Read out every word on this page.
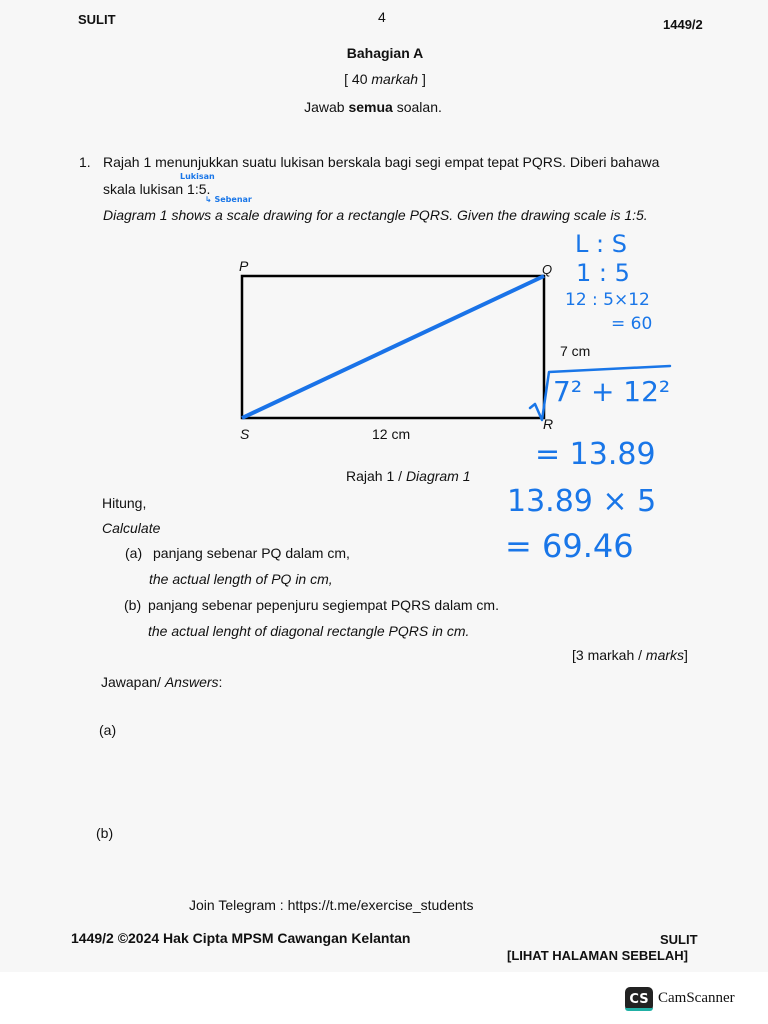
SULIT	4	1449/2
Bahagian A
[ 40 markah ]
Jawab semua soalan.
1. Rajah 1 menunjukkan suatu lukisan berskala bagi segi empat tepat PQRS. Diberi bahawa
skala lukisan 1:5.
Diagram 1 shows a scale drawing for a rectangle PQRS. Given the drawing scale is 1:5.
Lukisan
↳ Sebenar
P	Q
R
S
7 cm
12 cm
Rajah 1 / Diagram 1
Hitung,
Calculate
(a) panjang sebenar PQ dalam cm,
the actual length of PQ in cm,
(b) panjang sebenar pepenjuru segiempat PQRS dalam cm.
the actual lenght of diagonal rectangle PQRS in cm.
[3 markah / marks]
Jawapan/ Answers:
(a)
(b)
L : S
1 : 5
12 : 5×12
= 60
7² + 12²
= 13.89
13.89 × 5
= 69.46
Join Telegram : https://t.me/exercise_students
1449/2 ©2024 Hak Cipta MPSM Cawangan Kelantan	SULIT
[LIHAT HALAMAN SEBELAH]
CS CamScanner
